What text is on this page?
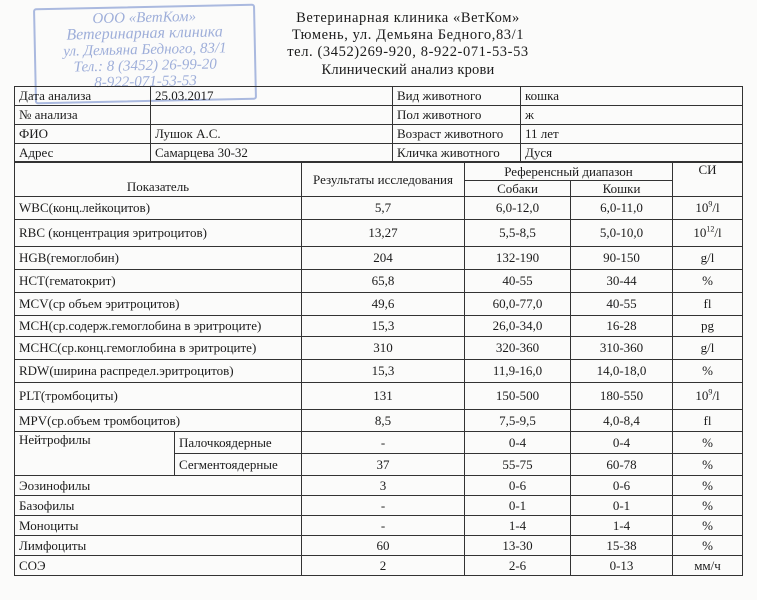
ООО «ВетКом»
Ветеринарная клиника
ул. Демьяна Бедного, 83/1
Тел.: 8 (3452) 26-99-20
8-922-071-53-53
Ветеринарная клиника «ВетКом»
Тюмень, ул. Демьяна Бедного,83/1
тел. (3452)269-920, 8-922-071-53-53
Клинический анализ крови
Дата анализа	25.03.2017	Вид животного	кошка
№ анализа		Пол животного	ж
ФИО	Лушок А.С.	Возраст животного	11 лет
Адрес	Самарцева 30-32	Кличка животного	Дуся
Показатель		Результаты исследования	Референсный диапазон		СИ
			Собаки	Кошки	
WBC(конц.лейкоцитов)		5,7	6,0-12,0	6,0-11,0	$10^9/l$
RBC (концентрация эритроцитов)		13,27	5,5-8,5	5,0-10,0	$10^{12}/l$
HGB(гемоглобин)		204	132-190	90-150	g/l
HCT(гематокрит)		65,8	40-55	30-44	%
MCV(ср объем эритроцитов)		49,6	60,0-77,0	40-55	fl
MCH(ср.содерж.гемоглобина в эритроците)		15,3	26,0-34,0	16-28	pg
MCHC(ср.конц.гемоглобина в эритроците)		310	320-360	310-360	g/l
RDW(ширина распредел.эритроцитов)		15,3	11,9-16,0	14,0-18,0	%
PLT(тромбоциты)		131	150-500	180-550	$10^9/l$
MPV(ср.объем тромбоцитов)		8,5	7,5-9,5	4,0-8,4	fl
Нейтрофилы	Палочкоядерные	-	0-4	0-4	%
	Сегментоядерные	37	55-75	60-78	%
Эозинофилы		3	0-6	0-6	%
Базофилы		-	0-1	0-1	%
Моноциты		-	1-4	1-4	%
Лимфоциты		60	13-30	15-38	%
СОЭ		2	2-6	0-13	мм/ч
